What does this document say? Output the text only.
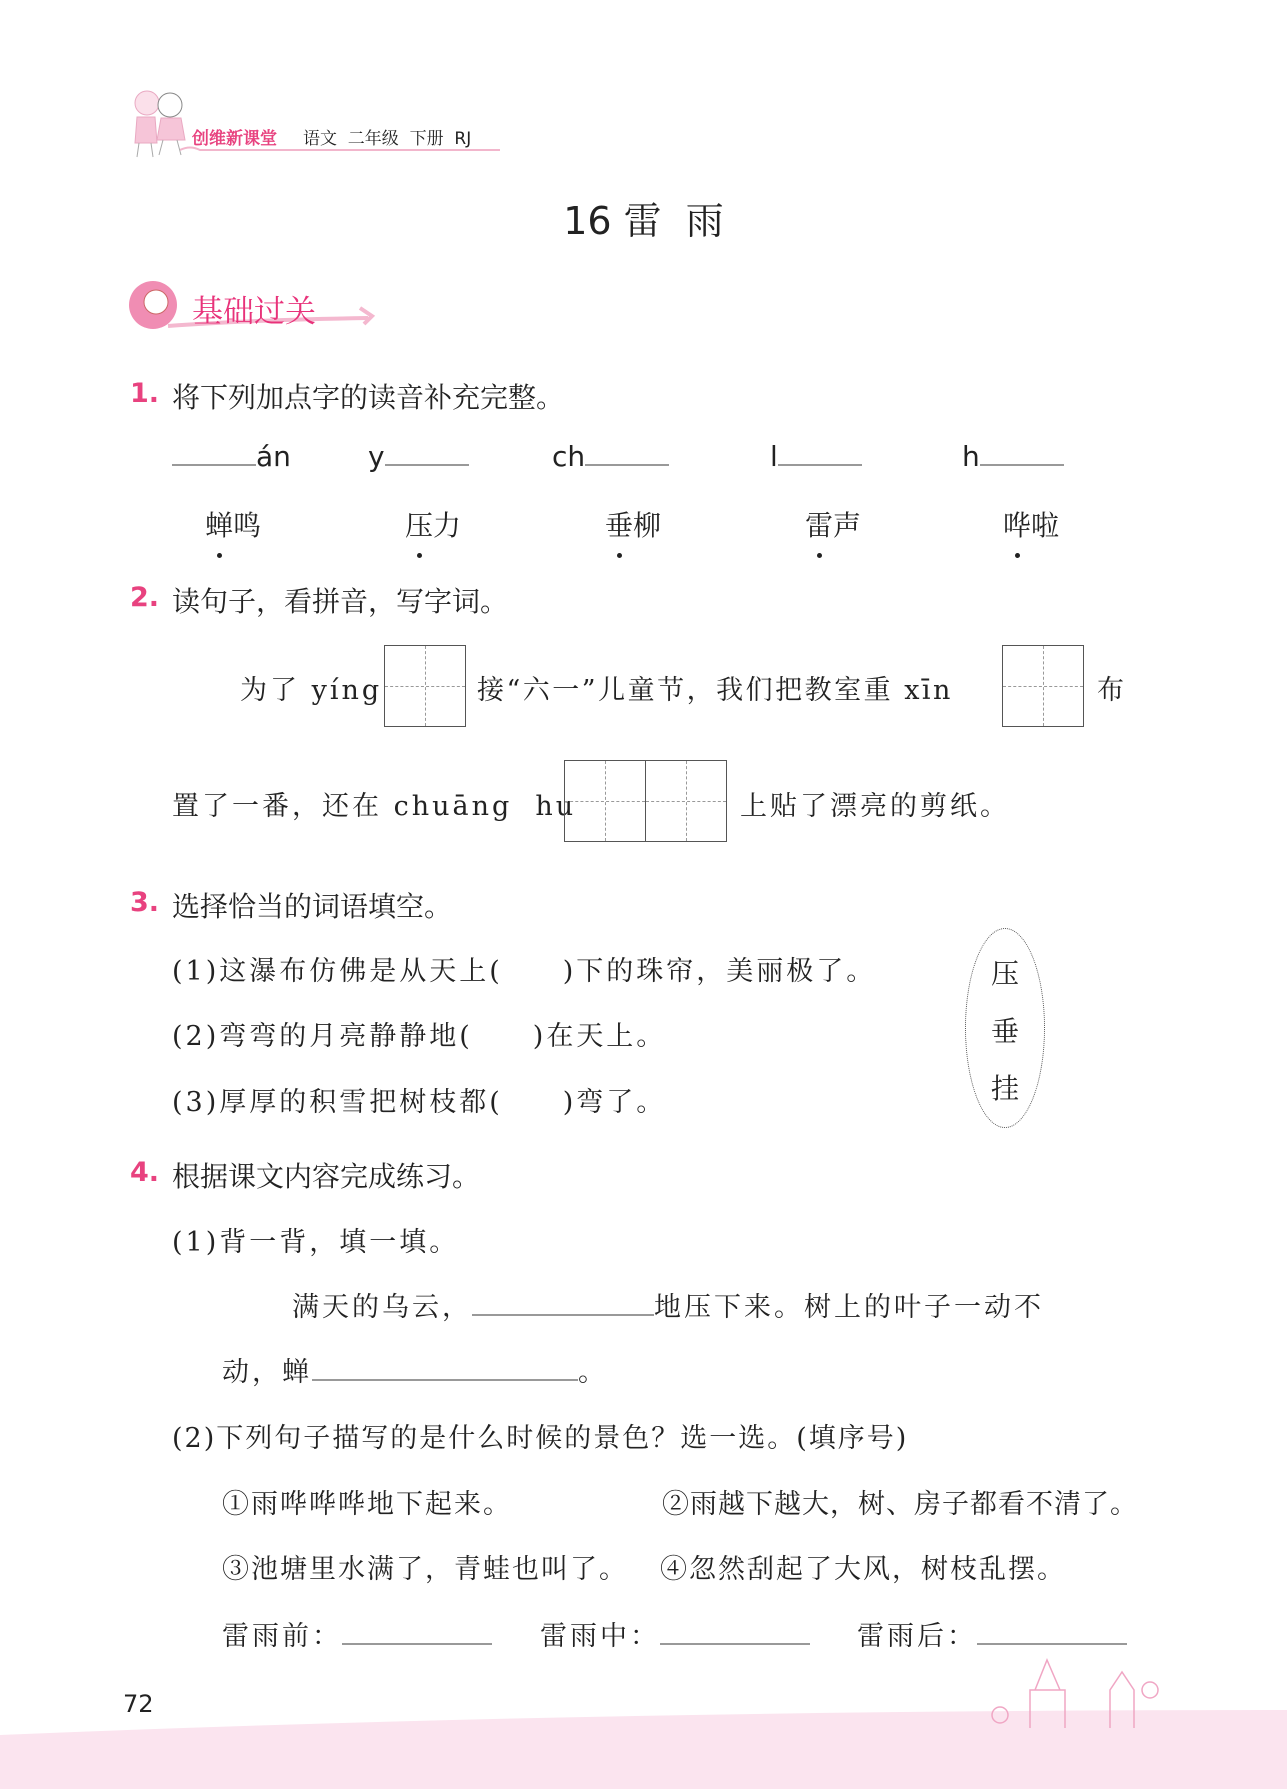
创维新课堂 语文  二年级  下册  RJ
16 雷  雨
基础过关
1. 将下列加点字的读音补充完整。
án	y	ch	l	h
蝉鸣	压力	垂柳	雷声	哗啦
2. 读句子，看拼音，写字词。
为了 yíng	接“六一”儿童节，我们把教室重 xīn	布
置了一番，还在 chuāng  hu	上贴了漂亮的剪纸。
3. 选择恰当的词语填空。
(1)这瀑布仿佛是从天上(　　)下的珠帘，美丽极了。
(2)弯弯的月亮静静地(　　)在天上。
(3)厚厚的积雪把树枝都(　　)弯了。
压
垂
挂
4. 根据课文内容完成练习。
(1)背一背，填一填。
满天的乌云，	地压下来。树上的叶子一动不
动，蝉	。
(2)下列句子描写的是什么时候的景色？选一选。(填序号)
①雨哗哗哗地下起来。	②雨越下越大，树、房子都看不清了。
③池塘里水满了，青蛙也叫了。 ④忽然刮起了大风，树枝乱摆。
雷雨前：	雷雨中：	雷雨后：
72
